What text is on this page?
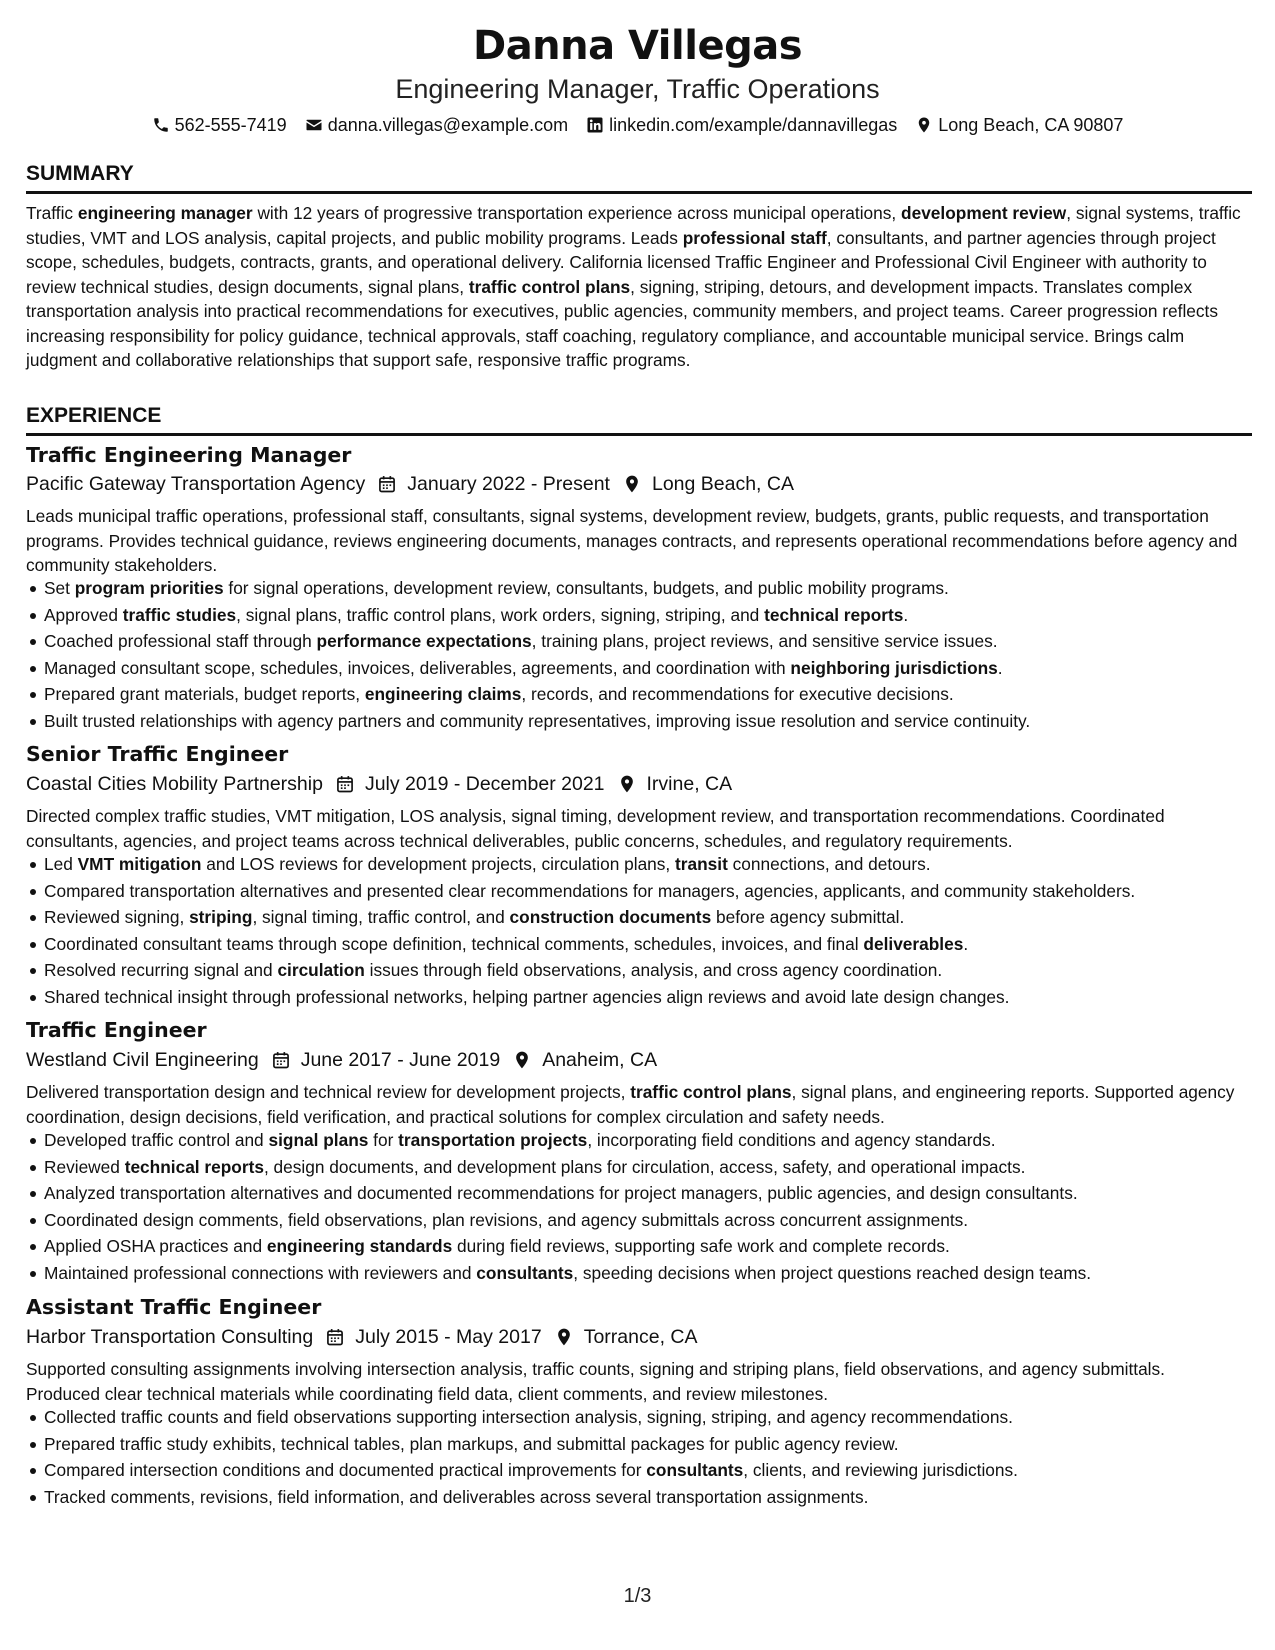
Danna Villegas
Engineering Manager, Traffic Operations
562-555-7419 danna.villegas@example.com linkedin.com/example/dannavillegas Long Beach, CA 90807
SUMMARY

Traffic engineering manager with 12 years of progressive transportation experience across municipal operations, development review, signal systems, traffic studies, VMT and LOS analysis, capital projects, and public mobility programs. Leads professional staff, consultants, and partner agencies through project scope, schedules, budgets, contracts, grants, and operational delivery. California licensed Traffic Engineer and Professional Civil Engineer with authority to review technical studies, design documents, signal plans, traffic control plans, signing, striping, detours, and development impacts. Translates complex transportation analysis into practical recommendations for executives, public agencies, community members, and project teams. Career progression reflects increasing responsibility for policy guidance, technical approvals, staff coaching, regulatory compliance, and accountable municipal service. Brings calm judgment and collaborative relationships that support safe, responsive traffic programs.

EXPERIENCE
Traffic Engineering Manager
Pacific Gateway Transportation Agency January 2022 - Present Long Beach, CA

Leads municipal traffic operations, professional staff, consultants, signal systems, development review, budgets, grants, public requests, and transportation programs. Provides technical guidance, reviews engineering documents, manages contracts, and represents operational recommendations before agency and community stakeholders.

Set program priorities for signal operations, development review, consultants, budgets, and public mobility programs.
Approved traffic studies, signal plans, traffic control plans, work orders, signing, striping, and technical reports.
Coached professional staff through performance expectations, training plans, project reviews, and sensitive service issues.
Managed consultant scope, schedules, invoices, deliverables, agreements, and coordination with neighboring jurisdictions.
Prepared grant materials, budget reports, engineering claims, records, and recommendations for executive decisions.
Built trusted relationships with agency partners and community representatives, improving issue resolution and service continuity.
Senior Traffic Engineer
Coastal Cities Mobility Partnership July 2019 - December 2021 Irvine, CA

Directed complex traffic studies, VMT mitigation, LOS analysis, signal timing, development review, and transportation recommendations. Coordinated consultants, agencies, and project teams across technical deliverables, public concerns, schedules, and regulatory requirements.

Led VMT mitigation and LOS reviews for development projects, circulation plans, transit connections, and detours.
Compared transportation alternatives and presented clear recommendations for managers, agencies, applicants, and community stakeholders.
Reviewed signing, striping, signal timing, traffic control, and construction documents before agency submittal.
Coordinated consultant teams through scope definition, technical comments, schedules, invoices, and final deliverables.
Resolved recurring signal and circulation issues through field observations, analysis, and cross agency coordination.
Shared technical insight through professional networks, helping partner agencies align reviews and avoid late design changes.
Traffic Engineer
Westland Civil Engineering June 2017 - June 2019 Anaheim, CA

Delivered transportation design and technical review for development projects, traffic control plans, signal plans, and engineering reports. Supported agency coordination, design decisions, field verification, and practical solutions for complex circulation and safety needs.

Developed traffic control and signal plans for transportation projects, incorporating field conditions and agency standards.
Reviewed technical reports, design documents, and development plans for circulation, access, safety, and operational impacts.
Analyzed transportation alternatives and documented recommendations for project managers, public agencies, and design consultants.
Coordinated design comments, field observations, plan revisions, and agency submittals across concurrent assignments.
Applied OSHA practices and engineering standards during field reviews, supporting safe work and complete records.
Maintained professional connections with reviewers and consultants, speeding decisions when project questions reached design teams.
Assistant Traffic Engineer
Harbor Transportation Consulting July 2015 - May 2017 Torrance, CA

Supported consulting assignments involving intersection analysis, traffic counts, signing and striping plans, field observations, and agency submittals. Produced clear technical materials while coordinating field data, client comments, and review milestones.

Collected traffic counts and field observations supporting intersection analysis, signing, striping, and agency recommendations.
Prepared traffic study exhibits, technical tables, plan markups, and submittal packages for public agency review.
Compared intersection conditions and documented practical improvements for consultants, clients, and reviewing jurisdictions.
Tracked comments, revisions, field information, and deliverables across several transportation assignments.
1/3
